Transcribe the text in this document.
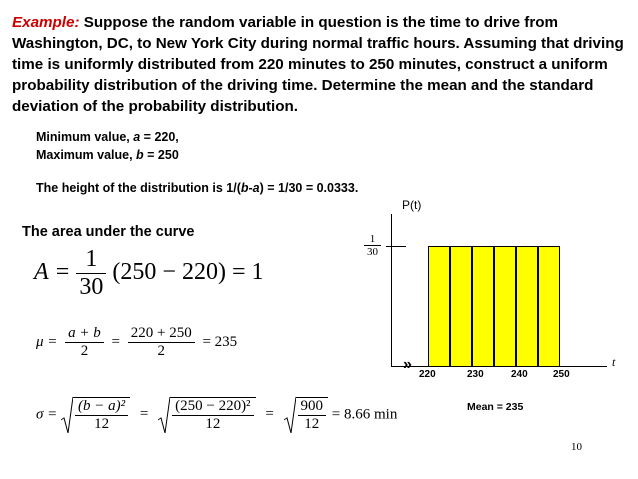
Example: Suppose the random variable in question is the time to drive from Washington, DC, to New York City during normal traffic hours. Assuming that driving time is uniformly distributed from 220 minutes to 250 minutes, construct a uniform probability distribution of the driving time. Determine the mean and the standard deviation of the probability distribution.

Minimum value, a = 220,
Maximum value, b = 250
The height of the distribution is 1/(b-a) = 1/30 = 0.0333.
The area under the curve
$A = \frac{1}{30} (250 - 220) = 1$
$\mu = \frac{a + b}{2} = \frac{220 + 250}{2} = 235$
$\sigma = \frac{\text{(b − a)²}}{12} = \frac{\text{(250 − 220)²}}{12} = \frac{900}{12} = 8.66$ min
P(t)
t
$\frac{1}{30}$
»
220	230	240	250
Mean = 235
10
